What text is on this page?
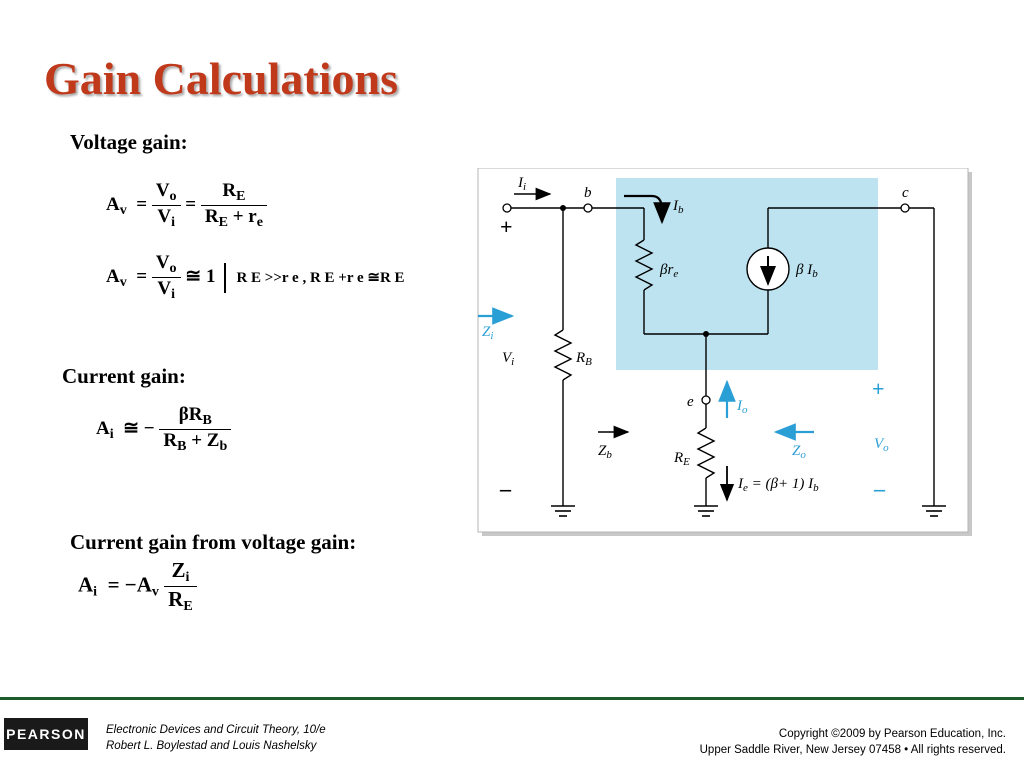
Gain Calculations
Voltage gain:
$A_v = \frac{V_o}{V_i} = \frac{R_E}{R_E + r_e}$
$A_v = \frac{V_o}{V_i}$ ≅ 1 R E >>r e , R E +r e ≅R E
Current gain:
$A_i$ ≅ − $\frac{\beta R_B}{R_B + Z_b}$
Current gain from voltage gain:
$A_i = -A_v \frac{Z_i}{R_E}$
$I_i$	b	c
$I_b$
+
–
$\beta r_e$	β $I_b$
$Z_i$
$V_i$	$R_B$
e	$I_o$
$Z_b$	$Z_o$
$R_E$
$I_e = (\beta+ 1)$ $I_b$
+
$V_o$
–
PEARSON Electronic Devices and Circuit Theory, 10/e
Robert L. Boylestad and Louis Nashelsky
Copyright ©2009 by Pearson Education, Inc.
Upper Saddle River, New Jersey 07458 • All rights reserved.
